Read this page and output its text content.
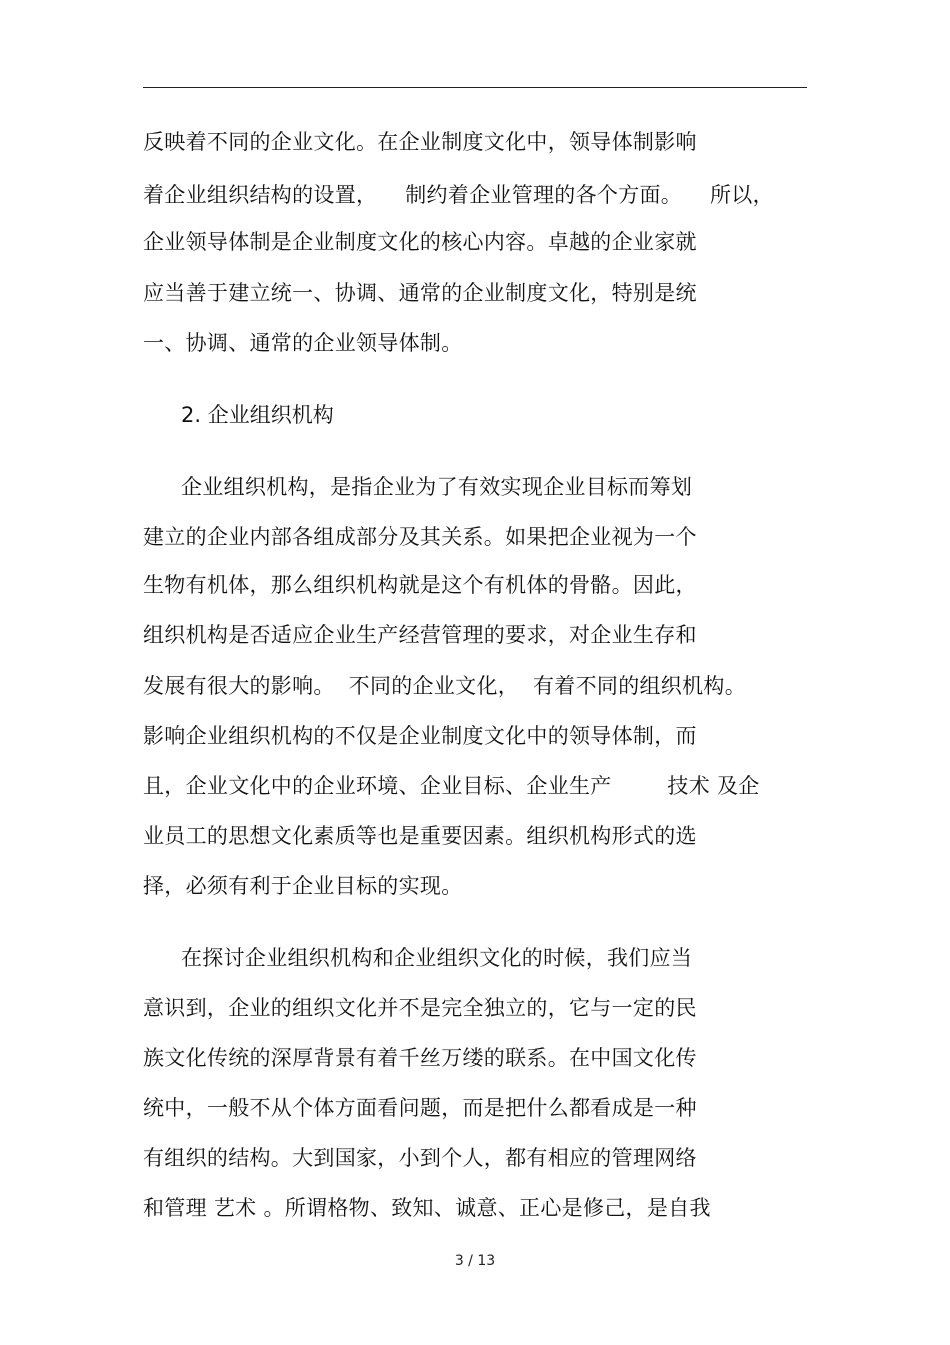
反映着不同的企业文化。在企业制度文化中，领导体制影响
着企业组织结构的设置，    制约着企业管理的各个方面。    所以，
企业领导体制是企业制度文化的核心内容。卓越的企业家就
应当善于建立统一、协调、通常的企业制度文化，特别是统
一、协调、通常的企业领导体制。
2. 企业组织机构
企业组织机构，是指企业为了有效实现企业目标而筹划
建立的企业内部各组成部分及其关系。如果把企业视为一个
生物有机体，那么组织机构就是这个有机体的骨骼。因此，
组织机构是否适应企业生产经营管理的要求，对企业生存和
发展有很大的影响。  不同的企业文化，  有着不同的组织机构。
影响企业组织机构的不仅是企业制度文化中的领导体制，而
且，企业文化中的企业环境、企业目标、企业生产        技术 及企
业员工的思想文化素质等也是重要因素。组织机构形式的选
择，必须有利于企业目标的实现。
在探讨企业组织机构和企业组织文化的时候，我们应当
意识到，企业的组织文化并不是完全独立的，它与一定的民
族文化传统的深厚背景有着千丝万缕的联系。在中国文化传
统中，一般不从个体方面看问题，而是把什么都看成是一种
有组织的结构。大到国家，小到个人，都有相应的管理网络
和管理 艺术 。所谓格物、致知、诚意、正心是修己，是自我
3 / 13
